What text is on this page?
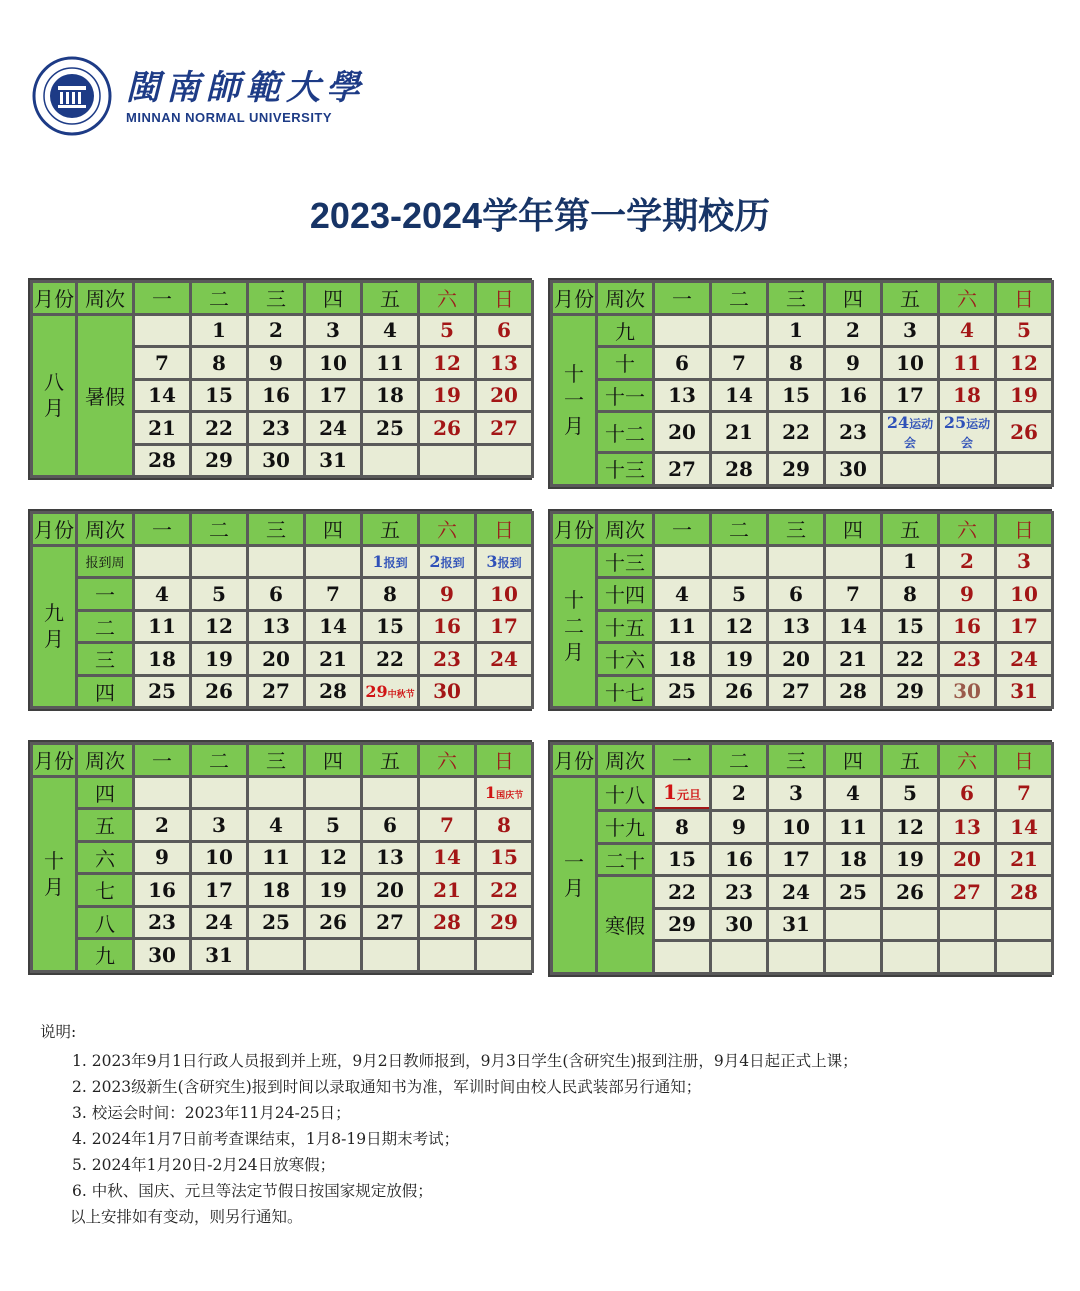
閩南師範大學
MINNAN NORMAL UNIVERSITY
2023-2024学年第一学期校历
月份	周次	一	二	三	四	五	六	日

八
月	暑假		1	2	3	4	5	6
		7	8	9	10	11	12	13
		14	15	16	17	18	19	20
		21	22	23	24	25	26	27
		28	29	30	31			
月份	周次	一	二	三	四	五	六	日

十
一
月	九			1	2	3	4	5
	十	6	7	8	9	10	11	12
	十一	13	14	15	16	17	18	19
	十二	20	21	22	23	24运动会	25运动会	26
	十三	27	28	29	30			
月份	周次	一	二	三	四	五	六	日

九
月	报到周					1报到	2报到	3报到
	一	4	5	6	7	8	9	10
	二	11	12	13	14	15	16	17
	三	18	19	20	21	22	23	24
	四	25	26	27	28	29中秋节	30	
月份	周次	一	二	三	四	五	六	日

十
二
月	十三					1	2	3
	十四	4	5	6	7	8	9	10
	十五	11	12	13	14	15	16	17
	十六	18	19	20	21	22	23	24
	十七	25	26	27	28	29	30	31
月份	周次	一	二	三	四	五	六	日

十
月	四							1国庆节
	五	2	3	4	5	6	7	8
	六	9	10	11	12	13	14	15
	七	16	17	18	19	20	21	22
	八	23	24	25	26	27	28	29
	九	30	31					
月份	周次	一	二	三	四	五	六	日

一
月	十八	1元旦	2	3	4	5	6	7
	十九	8	9	10	11	12	13	14
	二十	15	16	17	18	19	20	21
	寒假	22	23	24	25	26	27	28
		29	30	31				

说明:
1. 2023年9月1日行政人员报到并上班，9月2日教师报到，9月3日学生(含研究生)报到注册，9月4日起正式上课；
2. 2023级新生(含研究生)报到时间以录取通知书为准，军训时间由校人民武装部另行通知；
3. 校运会时间：2023年11月24-25日；
4. 2024年1月7日前考查课结束，1月8-19日期末考试；
5. 2024年1月20日-2月24日放寒假；
6. 中秋、国庆、元旦等法定节假日按国家规定放假；
以上安排如有变动，则另行通知。
